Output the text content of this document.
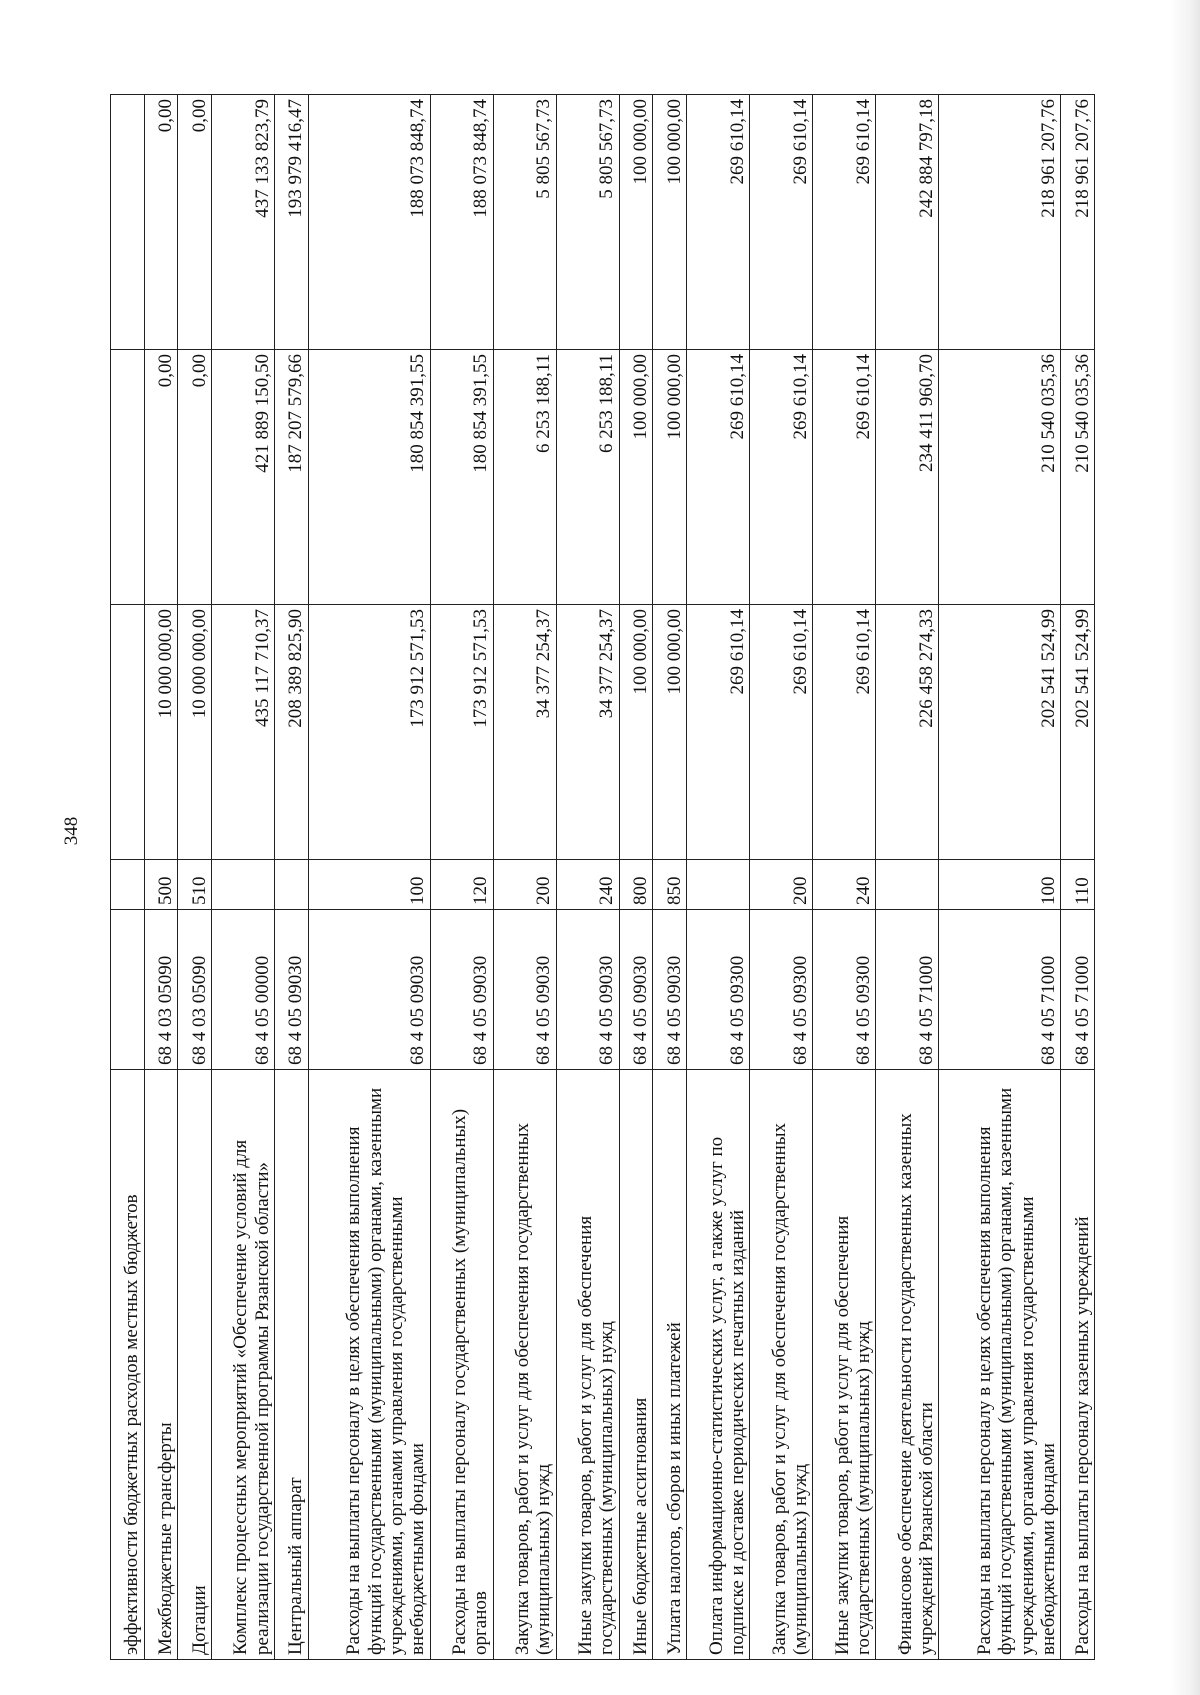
348
эффективности бюджетных расходов местных бюджетов					
Межбюджетные трансферты	68 4 03 05090	500	10 000 000,00	0,00	0,00
Дотации	68 4 03 05090	510	10 000 000,00	0,00	0,00
Комплекс процессных мероприятий «Обеспечение условий для реализации государственной программы Рязанской области»	68 4 05 00000		435 117 710,37	421 889 150,50	437 133 823,79
Центральный аппарат	68 4 05 09030		208 389 825,90	187 207 579,66	193 979 416,47
Расходы на выплаты персоналу в целях обеспечения выполнения функций государственными (муниципальными) органами, казенными учреждениями, органами управления государственными внебюджетными фондами	68 4 05 09030	100	173 912 571,53	180 854 391,55	188 073 848,74
Расходы на выплаты персоналу государственных (муниципальных) органов	68 4 05 09030	120	173 912 571,53	180 854 391,55	188 073 848,74
Закупка товаров, работ и услуг для обеспечения государственных (муниципальных) нужд	68 4 05 09030	200	34 377 254,37	6 253 188,11	5 805 567,73
Иные закупки товаров, работ и услуг для обеспечения государственных (муниципальных) нужд	68 4 05 09030	240	34 377 254,37	6 253 188,11	5 805 567,73
Иные бюджетные ассигнования	68 4 05 09030	800	100 000,00	100 000,00	100 000,00
Уплата налогов, сборов и иных платежей	68 4 05 09030	850	100 000,00	100 000,00	100 000,00
Оплата информационно-статистических услуг, а также услуг по подписке и доставке периодических печатных изданий	68 4 05 09300		269 610,14	269 610,14	269 610,14
Закупка товаров, работ и услуг для обеспечения государственных (муниципальных) нужд	68 4 05 09300	200	269 610,14	269 610,14	269 610,14
Иные закупки товаров, работ и услуг для обеспечения государственных (муниципальных) нужд	68 4 05 09300	240	269 610,14	269 610,14	269 610,14
Финансовое обеспечение деятельности государственных казенных учреждений Рязанской области	68 4 05 71000		226 458 274,33	234 411 960,70	242 884 797,18
Расходы на выплаты персоналу в целях обеспечения выполнения функций государственными (муниципальными) органами, казенными учреждениями, органами управления государственными внебюджетными фондами	68 4 05 71000	100	202 541 524,99	210 540 035,36	218 961 207,76
Расходы на выплаты персоналу казенных учреждений	68 4 05 71000	110	202 541 524,99	210 540 035,36	218 961 207,76
